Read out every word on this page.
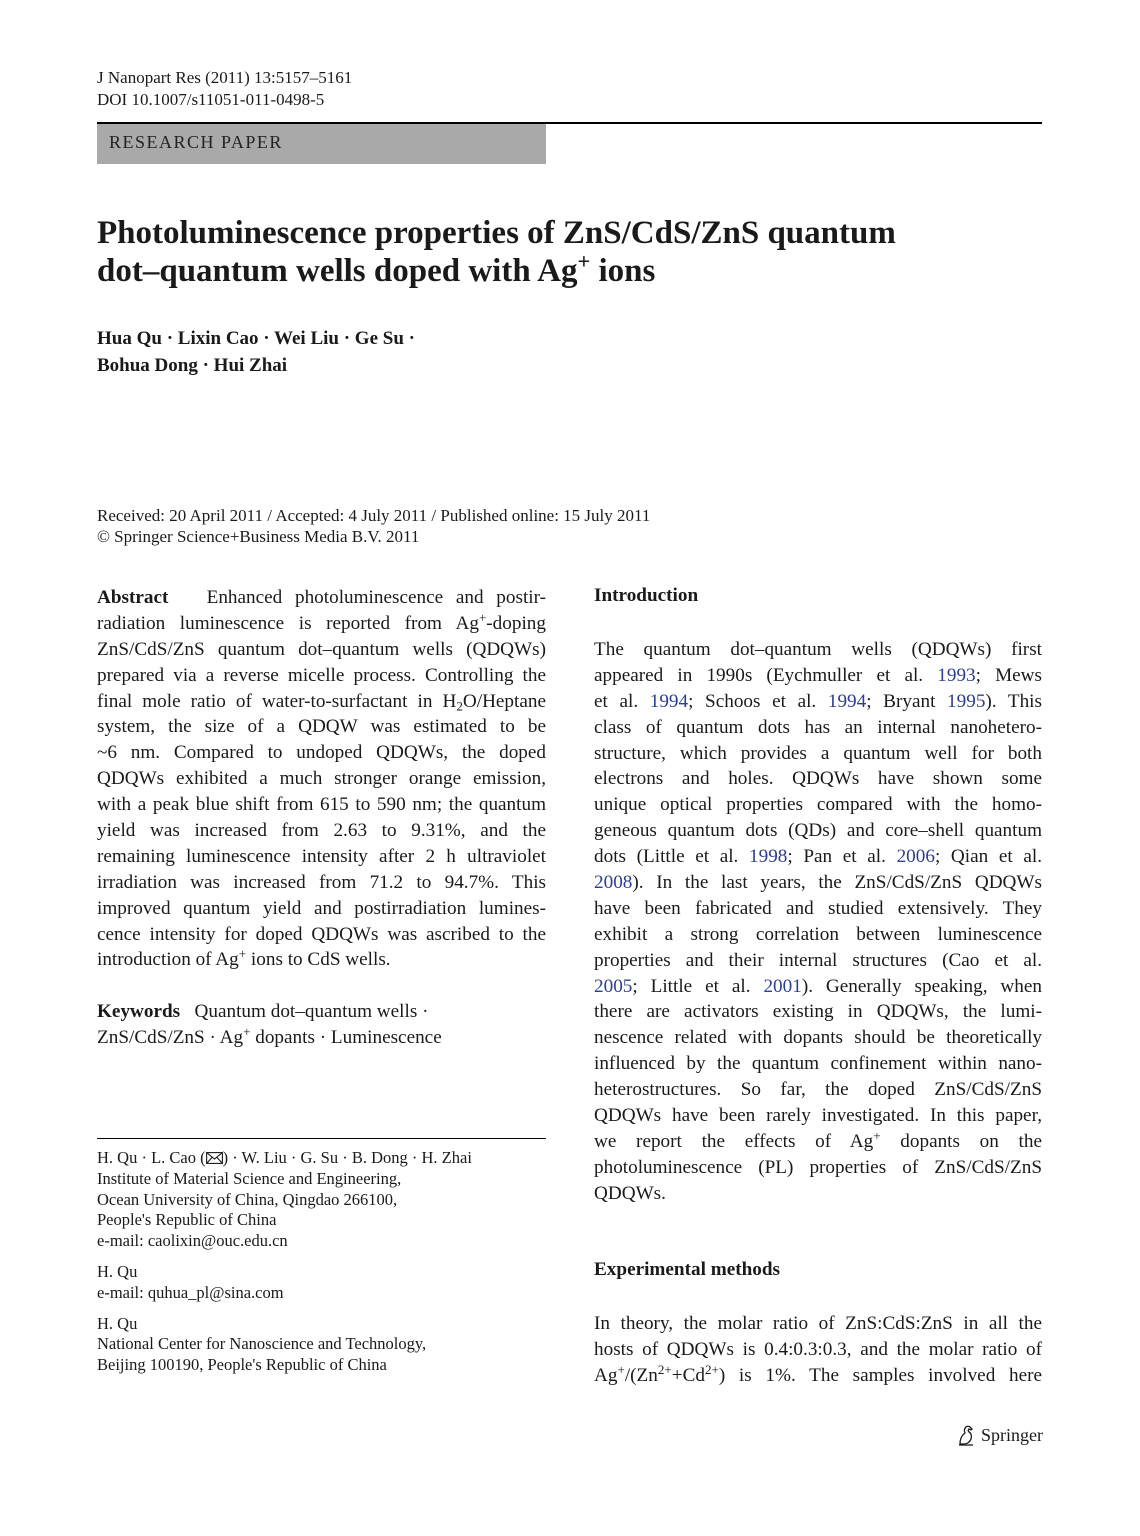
J Nanopart Res (2011) 13:5157–5161
DOI 10.1007/s11051-011-0498-5
RESEARCH PAPER
Photoluminescence properties of ZnS/CdS/ZnS quantum
dot–quantum wells doped with Ag+ ions
Hua Qu · Lixin Cao · Wei Liu · Ge Su ·
Bohua Dong · Hui Zhai
Received: 20 April 2011 / Accepted: 4 July 2011 / Published online: 15 July 2011
© Springer Science+Business Media B.V. 2011
Abstract Enhanced photoluminescence and postir-
radiation luminescence is reported from Ag+-doping
ZnS/CdS/ZnS quantum dot–quantum wells (QDQWs)
prepared via a reverse micelle process. Controlling the
final mole ratio of water-to-surfactant in $H_2O$/Heptane
system, the size of a QDQW was estimated to be
~6 nm. Compared to undoped QDQWs, the doped
QDQWs exhibited a much stronger orange emission,
with a peak blue shift from 615 to 590 nm; the quantum
yield was increased from 2.63 to 9.31%, and the
remaining luminescence intensity after 2 h ultraviolet
irradiation was increased from 71.2 to 94.7%. This
improved quantum yield and postirradiation lumines-
cence intensity for doped QDQWs was ascribed to the
introduction of Ag+ ions to CdS wells.
Keywords Quantum dot–quantum wells ·
ZnS/CdS/ZnS · Ag+ dopants · Luminescence
H. Qu · L. Cao ( ) · W. Liu · G. Su · B. Dong · H. Zhai
Institute of Material Science and Engineering,
Ocean University of China, Qingdao 266100,
People's Republic of China
e-mail: caolixin@ouc.edu.cn
H. Qu
e-mail: quhua_pl@sina.com
H. Qu
National Center for Nanoscience and Technology,
Beijing 100190, People's Republic of China
Introduction
The quantum dot–quantum wells (QDQWs) first
appeared in 1990s (Eychmuller et al. 1993; Mews
et al. 1994; Schoos et al. 1994; Bryant 1995). This
class of quantum dots has an internal nanohetero-
structure, which provides a quantum well for both
electrons and holes. QDQWs have shown some
unique optical properties compared with the homo-
geneous quantum dots (QDs) and core–shell quantum
dots (Little et al. 1998; Pan et al. 2006; Qian et al.
2008). In the last years, the ZnS/CdS/ZnS QDQWs
have been fabricated and studied extensively. They
exhibit a strong correlation between luminescence
properties and their internal structures (Cao et al.
2005; Little et al. 2001). Generally speaking, when
there are activators existing in QDQWs, the lumi-
nescence related with dopants should be theoretically
influenced by the quantum confinement within nano-
heterostructures. So far, the doped ZnS/CdS/ZnS
QDQWs have been rarely investigated. In this paper,
we report the effects of Ag+ dopants on the
photoluminescence (PL) properties of ZnS/CdS/ZnS
QDQWs.
Experimental methods
In theory, the molar ratio of ZnS:CdS:ZnS in all the
hosts of QDQWs is 0.4:0.3:0.3, and the molar ratio of
$Ag^+/(Zn^{2+}+Cd^{2+})$ is 1%. The samples involved here
Springer
